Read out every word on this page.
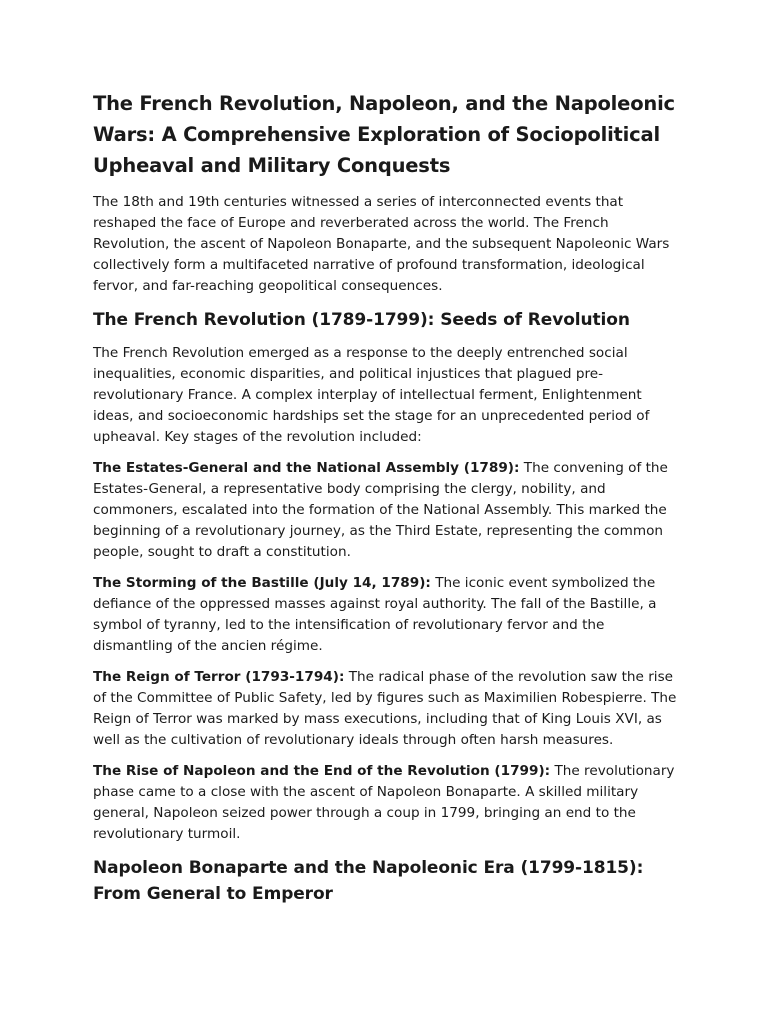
The French Revolution, Napoleon, and the Napoleonic Wars: A Comprehensive Exploration of Sociopolitical Upheaval and Military Conquests

The 18th and 19th centuries witnessed a series of interconnected events that reshaped the face of Europe and reverberated across the world. The French Revolution, the ascent of Napoleon Bonaparte, and the subsequent Napoleonic Wars collectively form a multifaceted narrative of profound transformation, ideological fervor, and far-reaching geopolitical consequences.

The French Revolution (1789-1799): Seeds of Revolution

The French Revolution emerged as a response to the deeply entrenched social inequalities, economic disparities, and political injustices that plagued pre-revolutionary France. A complex interplay of intellectual ferment, Enlightenment ideas, and socioeconomic hardships set the stage for an unprecedented period of upheaval. Key stages of the revolution included:

The Estates-General and the National Assembly (1789): The convening of the Estates-General, a representative body comprising the clergy, nobility, and commoners, escalated into the formation of the National Assembly. This marked the beginning of a revolutionary journey, as the Third Estate, representing the common people, sought to draft a constitution.

The Storming of the Bastille (July 14, 1789): The iconic event symbolized the defiance of the oppressed masses against royal authority. The fall of the Bastille, a symbol of tyranny, led to the intensification of revolutionary fervor and the dismantling of the ancien régime.

The Reign of Terror (1793-1794): The radical phase of the revolution saw the rise of the Committee of Public Safety, led by figures such as Maximilien Robespierre. The Reign of Terror was marked by mass executions, including that of King Louis XVI, as well as the cultivation of revolutionary ideals through often harsh measures.

The Rise of Napoleon and the End of the Revolution (1799): The revolutionary phase came to a close with the ascent of Napoleon Bonaparte. A skilled military general, Napoleon seized power through a coup in 1799, bringing an end to the revolutionary turmoil.

Napoleon Bonaparte and the Napoleonic Era (1799-1815): From General to Emperor
